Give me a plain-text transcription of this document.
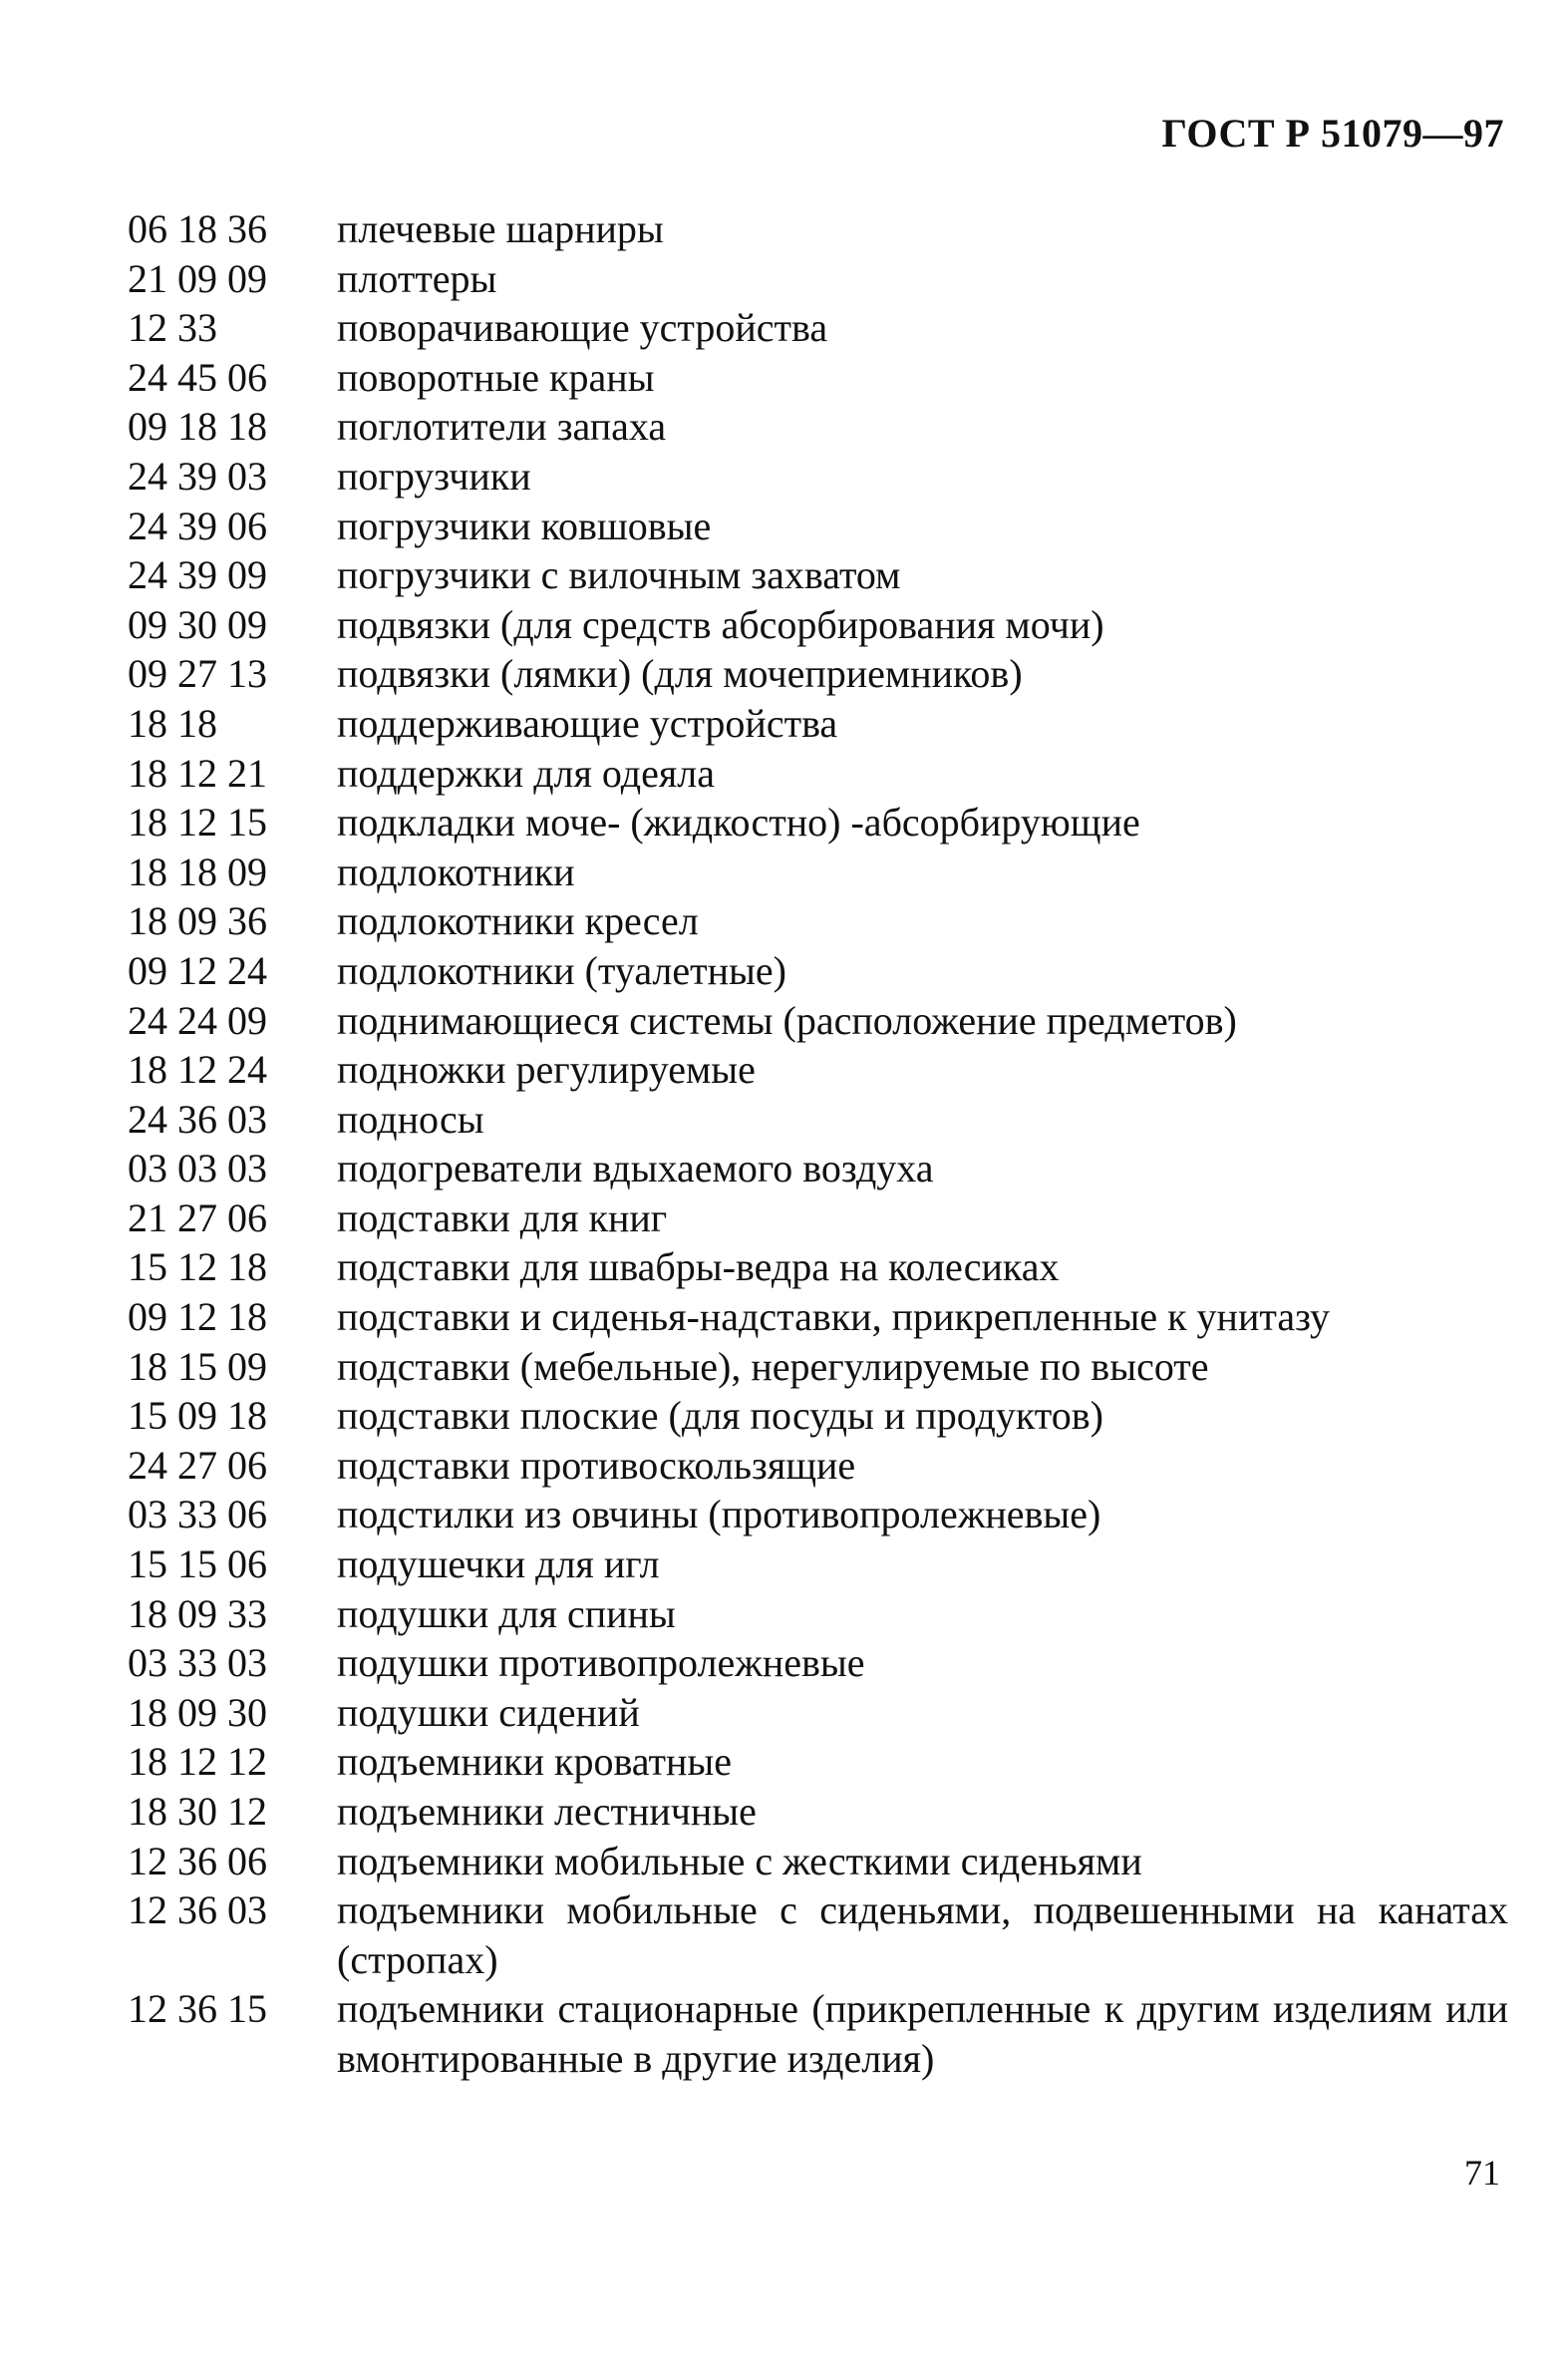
ГОСТ Р 51079—97
06 18 36	плечевые шарниры
21 09 09	плоттеры
12 33	поворачивающие устройства
24 45 06	поворотные краны
09 18 18	поглотители запаха
24 39 03	погрузчики
24 39 06	погрузчики ковшовые
24 39 09	погрузчики с вилочным захватом
09 30 09	подвязки (для средств абсорбирования мочи)
09 27 13	подвязки (лямки) (для мочеприемников)
18 18	поддерживающие устройства
18 12 21	поддержки для одеяла
18 12 15	подкладки моче- (жидкостно) -абсорбирующие
18 18 09	подлокотники
18 09 36	подлокотники кресел
09 12 24	подлокотники (туалетные)
24 24 09	поднимающиеся системы (расположение предметов)
18 12 24	подножки регулируемые
24 36 03	подносы
03 03 03	подогреватели вдыхаемого воздуха
21 27 06	подставки для книг
15 12 18	подставки для швабры-ведра на колесиках
09 12 18	подставки и сиденья-надставки, прикрепленные к унитазу
18 15 09	подставки (мебельные), нерегулируемые по высоте
15 09 18	подставки плоские (для посуды и продуктов)
24 27 06	подставки противоскользящие
03 33 06	подстилки из овчины (противопролежневые)
15 15 06	подушечки для игл
18 09 33	подушки для спины
03 33 03	подушки противопролежневые
18 09 30	подушки сидений
18 12 12	подъемники кроватные
18 30 12	подъемники лестничные
12 36 06	подъемники мобильные с жесткими сиденьями
12 36 03	подъемники мобильные с сиденьями, подвешенными на канатах (стропах)
12 36 15	подъемники стационарные (прикрепленные к другим изделиям или вмонтированные в другие изделия)
71
